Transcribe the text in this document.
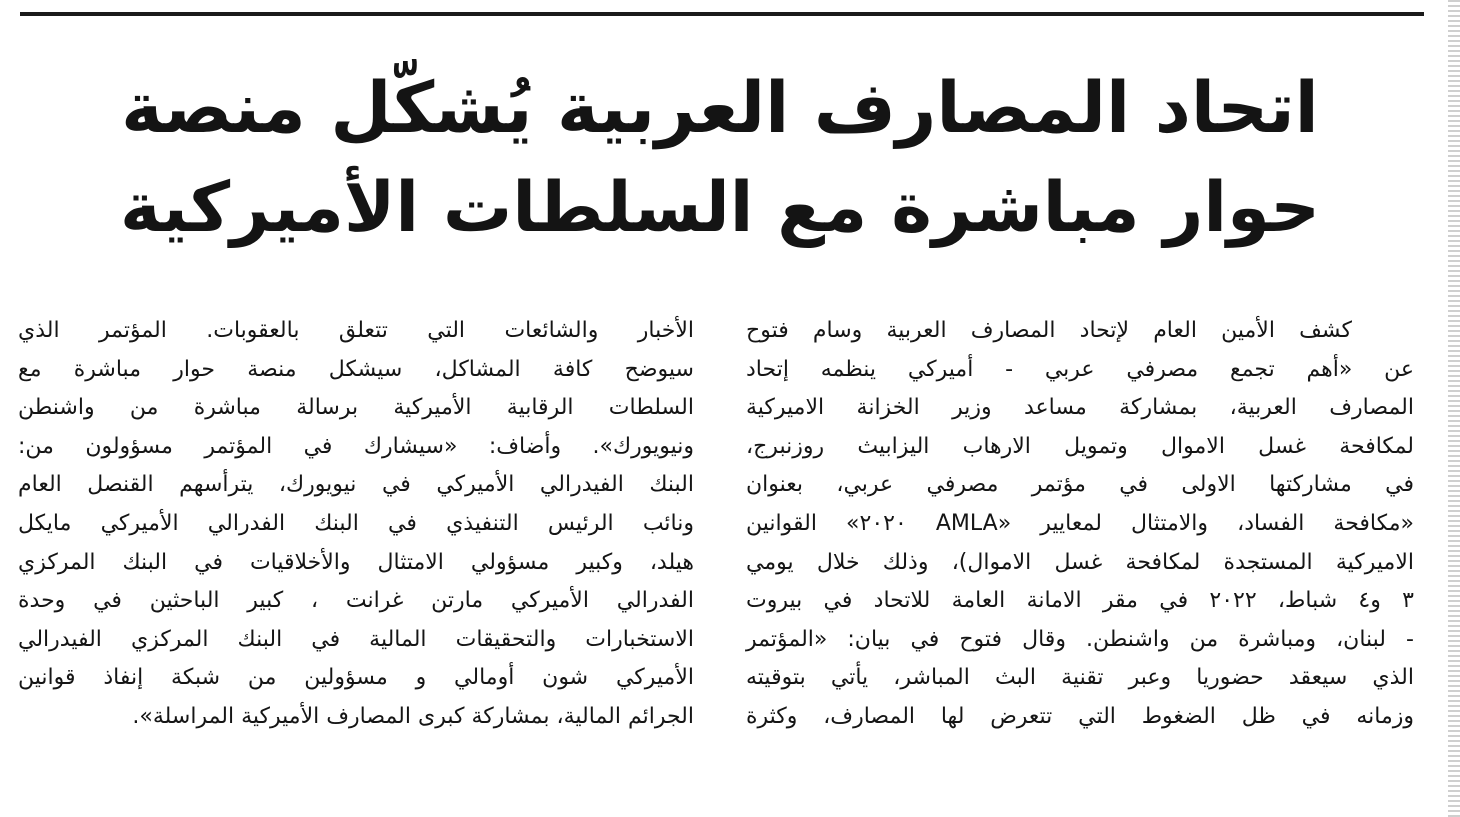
اتحاد المصارف العربية يُشكّل منصة
حوار مباشرة مع السلطات الأميركية
كشف الأمين العام لإتحاد المصارف العربية وسام فتوح
عن «أهم تجمع مصرفي عربي - أميركي ينظمه إتحاد
المصارف العربية، بمشاركة مساعد وزير الخزانة الاميركية
لمكافحة غسل الاموال وتمويل الارهاب اليزابيث روزنبرج،
في مشاركتها الاولى في مؤتمر مصرفي عربي، بعنوان
«مكافحة الفساد، والامتثال لمعايير «AMLA ٢٠٢٠» القوانين
الاميركية المستجدة لمكافحة غسل الاموال)، وذلك خلال يومي
٣ و٤ شباط، ٢٠٢٢ في مقر الامانة العامة للاتحاد في بيروت
- لبنان، ومباشرة من واشنطن. وقال فتوح في بيان: «المؤتمر
الذي سيعقد حضوريا وعبر تقنية البث المباشر، يأتي بتوقيته
وزمانه في ظل الضغوط التي تتعرض لها المصارف، وكثرة
الأخبار والشائعات التي تتعلق بالعقوبات. المؤتمر الذي
سيوضح كافة المشاكل، سيشكل منصة حوار مباشرة مع
السلطات الرقابية الأميركية برسالة مباشرة من واشنطن
ونيويورك». وأضاف: «سيشارك في المؤتمر مسؤولون من:
البنك الفيدرالي الأميركي في نيويورك، يترأسهم القنصل العام
ونائب الرئيس التنفيذي في البنك الفدرالي الأميركي مايكل
هيلد، وكبير مسؤولي الامتثال والأخلاقيات في البنك المركزي
الفدرالي الأميركي مارتن غرانت ، كبير الباحثين في وحدة
الاستخبارات والتحقيقات المالية في البنك المركزي الفيدرالي
الأميركي شون أومالي و مسؤولين من شبكة إنفاذ قوانين
الجرائم المالية، بمشاركة كبرى المصارف الأميركية المراسلة».
